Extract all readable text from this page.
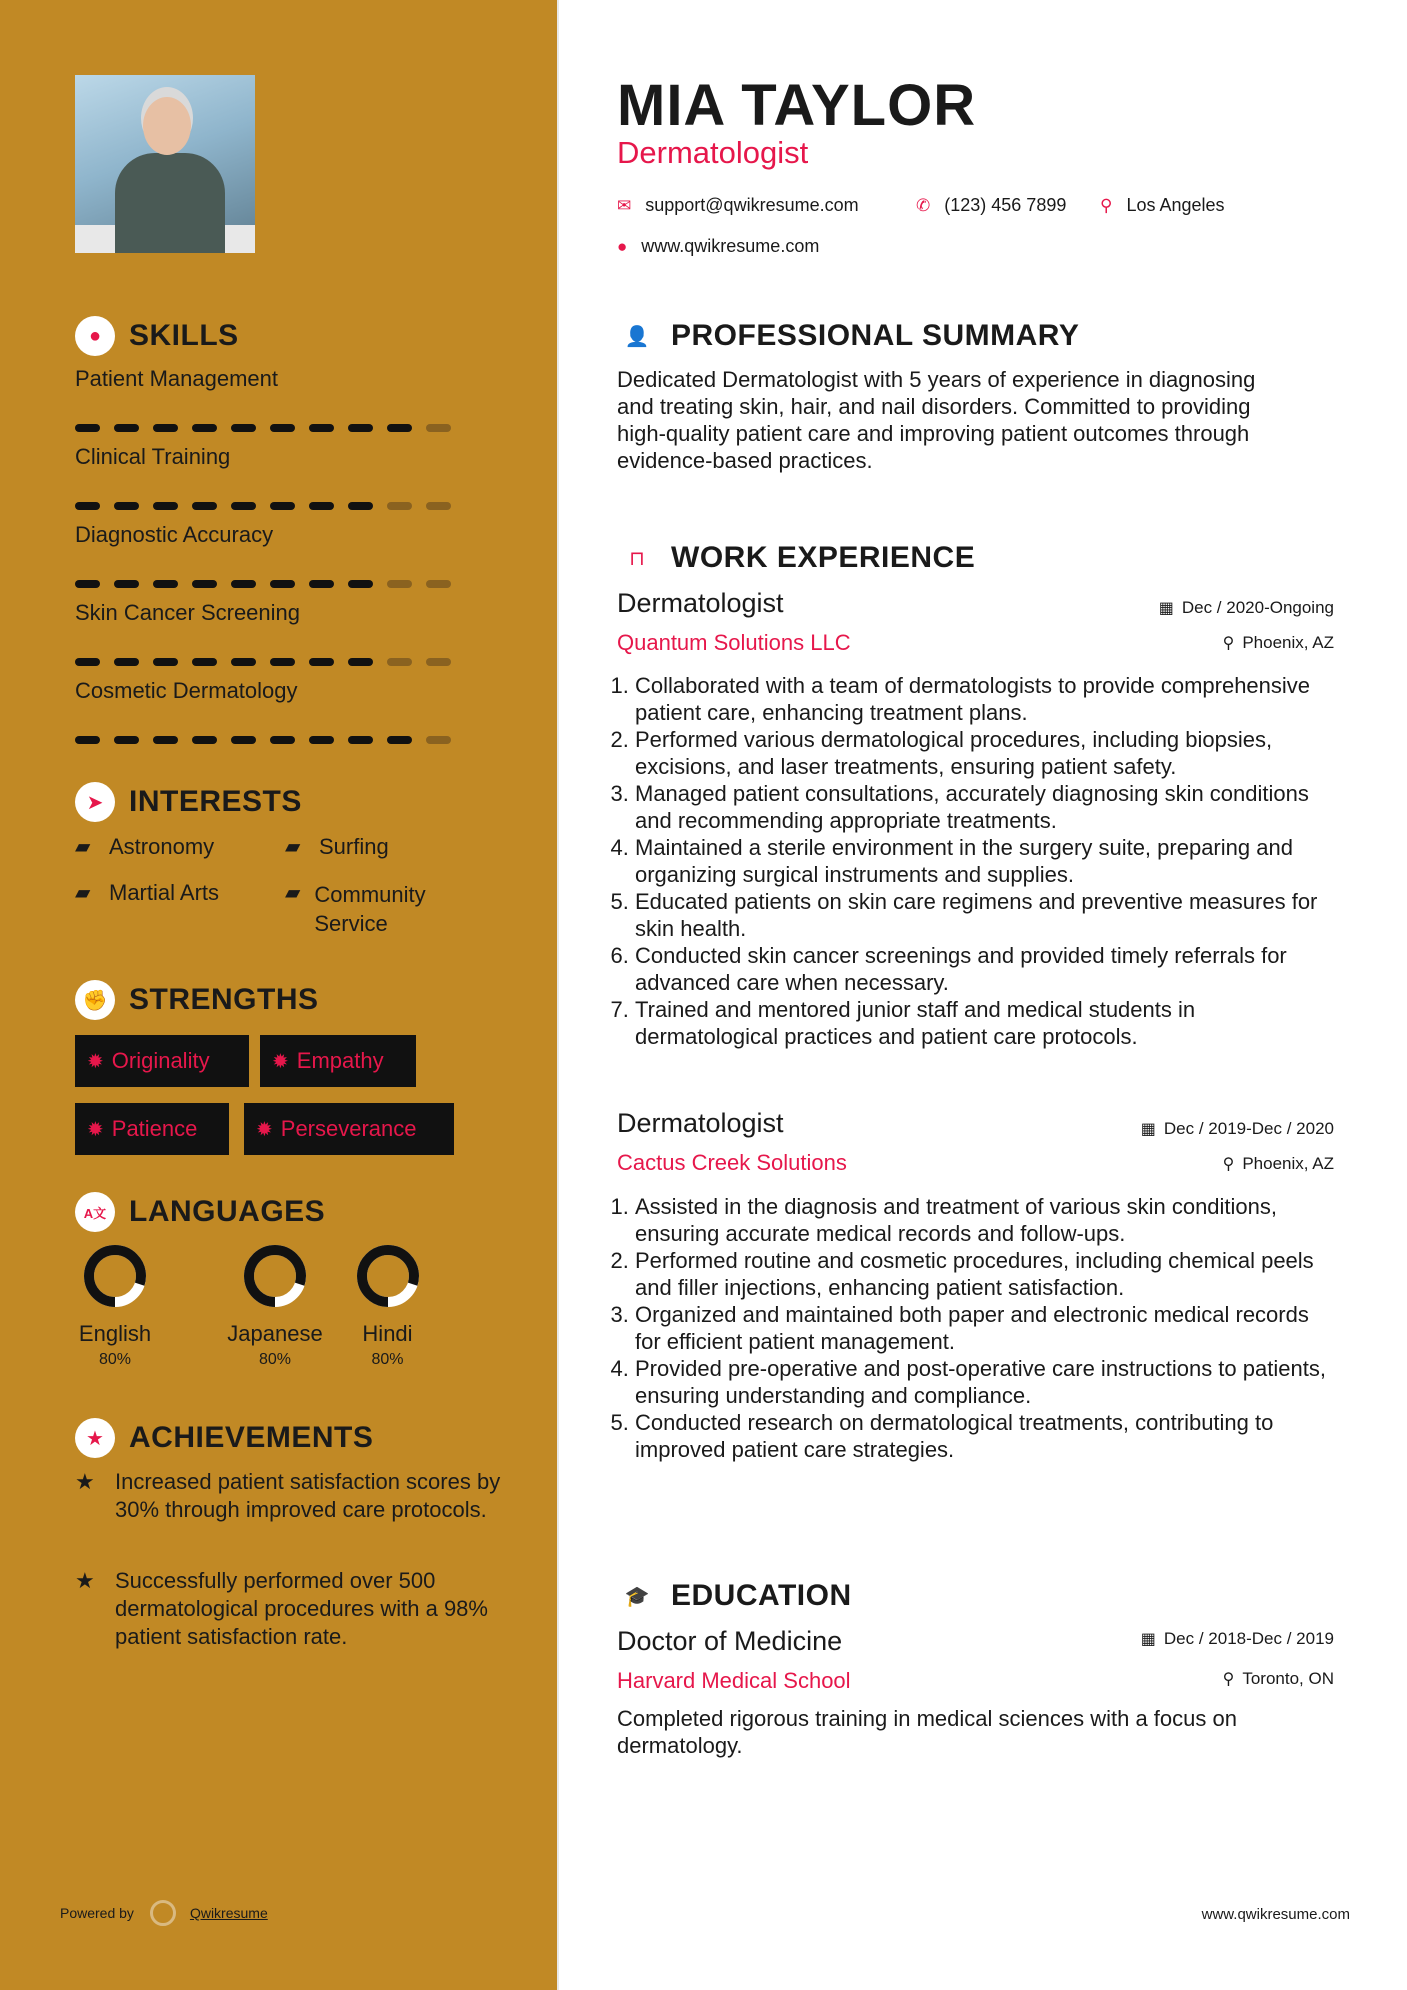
● SKILLS
Patient Management
Clinical Training
Diagnostic Accuracy
Skin Cancer Screening
Cosmetic Dermatology
➤ INTERESTS
▰ Astronomy	▰ Surfing
▰ Martial Arts	▰ Community Service
✊ STRENGTHS
✹ Originality	✹ Empathy
✹ Patience	✹ Perseverance
A文 LANGUAGES
English
80%
Japanese
80%
Hindi
80%
★ ACHIEVEMENTS
★ Increased patient satisfaction scores by 30% through improved care protocols.
★ Successfully performed over 500 dermatological procedures with a 98% patient satisfaction rate.
Powered by	Qwikresume
MIA TAYLOR
Dermatologist
✉ support@qwikresume.com	✆ (123) 456 7899 ⚲ Los Angeles
● www.qwikresume.com
👤 PROFESSIONAL SUMMARY
Dedicated Dermatologist with 5 years of experience in diagnosing and treating skin, hair, and nail disorders. Committed to providing high-quality patient care and improving patient outcomes through evidence-based practices.
⊓ WORK EXPERIENCE
Dermatologist	▦ Dec / 2020-Ongoing
Quantum Solutions LLC	⚲ Phoenix, AZ
1. Collaborated with a team of dermatologists to provide comprehensive patient care, enhancing treatment plans.
2. Performed various dermatological procedures, including biopsies, excisions, and laser treatments, ensuring patient safety.
3. Managed patient consultations, accurately diagnosing skin conditions and recommending appropriate treatments.
4. Maintained a sterile environment in the surgery suite, preparing and organizing surgical instruments and supplies.
5. Educated patients on skin care regimens and preventive measures for skin health.
6. Conducted skin cancer screenings and provided timely referrals for advanced care when necessary.
7. Trained and mentored junior staff and medical students in dermatological practices and patient care protocols.
Dermatologist	▦ Dec / 2019-Dec / 2020
Cactus Creek Solutions	⚲ Phoenix, AZ
1. Assisted in the diagnosis and treatment of various skin conditions, ensuring accurate medical records and follow-ups.
2. Performed routine and cosmetic procedures, including chemical peels and filler injections, enhancing patient satisfaction.
3. Organized and maintained both paper and electronic medical records for efficient patient management.
4. Provided pre-operative and post-operative care instructions to patients, ensuring understanding and compliance.
5. Conducted research on dermatological treatments, contributing to improved patient care strategies.
🎓 EDUCATION
Doctor of Medicine	▦ Dec / 2018-Dec / 2019
Harvard Medical School	⚲ Toronto, ON
Completed rigorous training in medical sciences with a focus on dermatology.
www.qwikresume.com
